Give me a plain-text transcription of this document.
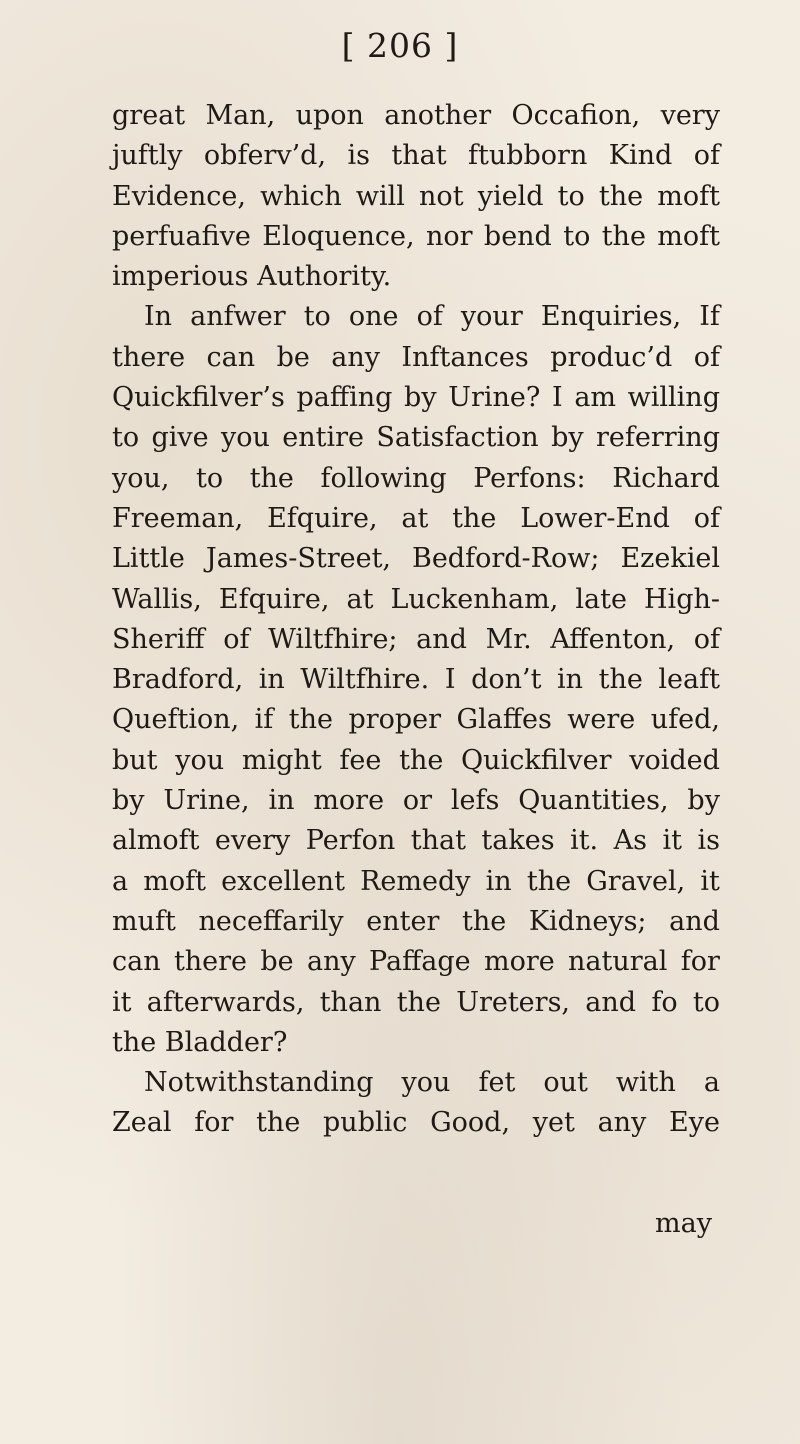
[ 206 ]
great Man, upon another Occafion, very
juftly obferv’d, is that ftubborn Kind of
Evidence, which will not yield to the moft
perfuafive Eloquence, nor bend to the moft
imperious Authority.
In anfwer to one of your Enquiries, If
there can be any Inftances produc’d of
Quickfilver’s paffing by Urine? I am willing
to give you entire Satisfaction by referring
you, to the following Perfons: Richard
Freeman, Efquire, at the Lower-End of
Little James-Street, Bedford-Row; Ezekiel
Wallis, Efquire, at Luckenham, late High-
Sheriff of Wiltfhire; and Mr. Affenton, of
Bradford, in Wiltfhire. I don’t in the leaft
Queftion, if the proper Glaffes were ufed,
but you might fee the Quickfilver voided
by Urine, in more or lefs Quantities, by
almoft every Perfon that takes it. As it is
a moft excellent Remedy in the Gravel, it
muft neceffarily enter the Kidneys; and
can there be any Paffage more natural for
it afterwards, than the Ureters, and fo to
the Bladder?
Notwithstanding you fet out with a
Zeal for the public Good, yet any Eye
may
